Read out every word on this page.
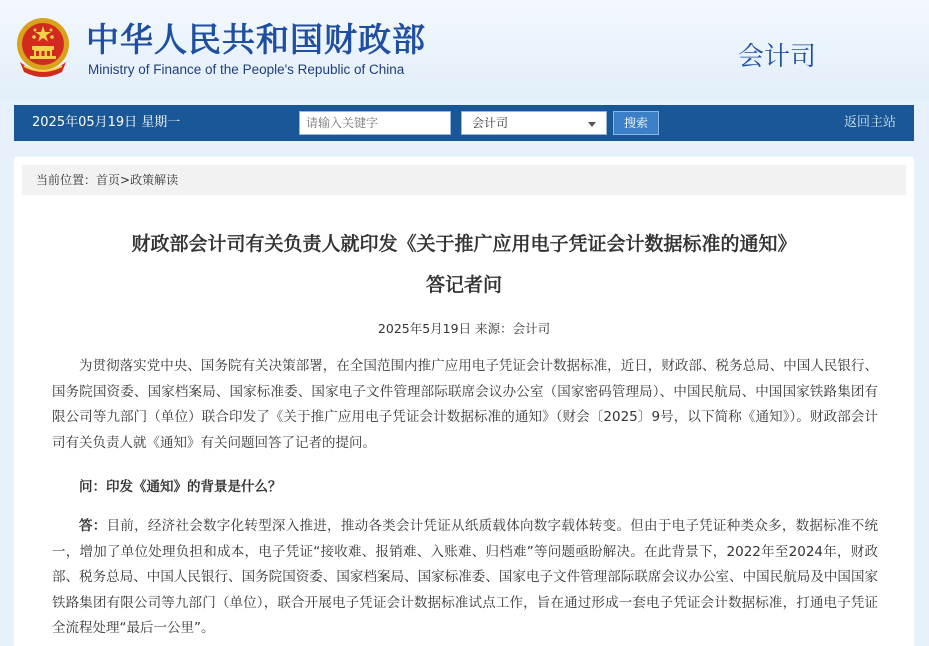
中华人民共和国财政部
Ministry of Finance of the People's Republic of China	会计司
2025年05月19日 星期一
请输入关键字	会计司	搜索	返回主站
当前位置：首页>政策解读
财政部会计司有关负责人就印发《关于推广应用电子凭证会计数据标准的通知》
答记者问
2025年5月19日 来源：会计司

为贯彻落实党中央、国务院有关决策部署，在全国范围内推广应用电子凭证会计数据标准，近日，财政部、税务总局、中国人民银行、国务院国资委、国家档案局、国家标准委、国家电子文件管理部际联席会议办公室（国家密码管理局）、中国民航局、中国国家铁路集团有限公司等九部门（单位）联合印发了《关于推广应用电子凭证会计数据标准的通知》（财会〔2025〕9号，以下简称《通知》）。财政部会计司有关负责人就《通知》有关问题回答了记者的提问。

问：印发《通知》的背景是什么？

答：目前，经济社会数字化转型深入推进，推动各类会计凭证从纸质载体向数字载体转变。但由于电子凭证种类众多，数据标准不统一，增加了单位处理负担和成本，电子凭证“接收难、报销难、入账难、归档难”等问题亟盼解决。在此背景下，2022年至2024年，财政部、税务总局、中国人民银行、国务院国资委、国家档案局、国家标准委、国家电子文件管理部际联席会议办公室、中国民航局及中国国家铁路集团有限公司等九部门（单位），联合开展电子凭证会计数据标准试点工作，旨在通过形成一套电子凭证会计数据标准，打通电子凭证全流程处理“最后一公里”。
